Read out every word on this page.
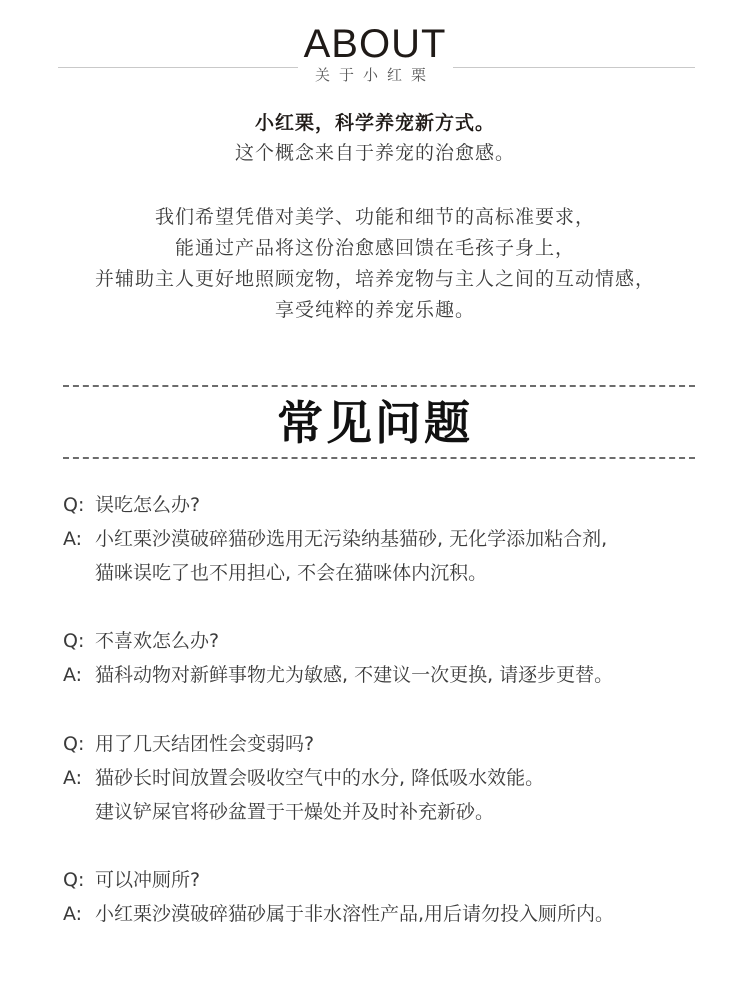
ABOUT
关于小红栗
小红栗，科学养宠新方式。
这个概念来自于养宠的治愈感。
我们希望凭借对美学、功能和细节的高标准要求，
能通过产品将这份治愈感回馈在毛孩子身上，
并辅助主人更好地照顾宠物，培养宠物与主人之间的互动情感，
享受纯粹的养宠乐趣。
常见问题
Q: 误吃怎么办?
A: 小红栗沙漠破碎猫砂选用无污染纳基猫砂, 无化学添加粘合剂,
猫咪误吃了也不用担心, 不会在猫咪体内沉积。
Q: 不喜欢怎么办?
A: 猫科动物对新鲜事物尤为敏感, 不建议一次更换, 请逐步更替。
Q: 用了几天结团性会变弱吗?
A: 猫砂长时间放置会吸收空气中的水分, 降低吸水效能。
建议铲屎官将砂盆置于干燥处并及时补充新砂。
Q: 可以冲厕所?
A: 小红栗沙漠破碎猫砂属于非水溶性产品,用后请勿投入厕所内。
